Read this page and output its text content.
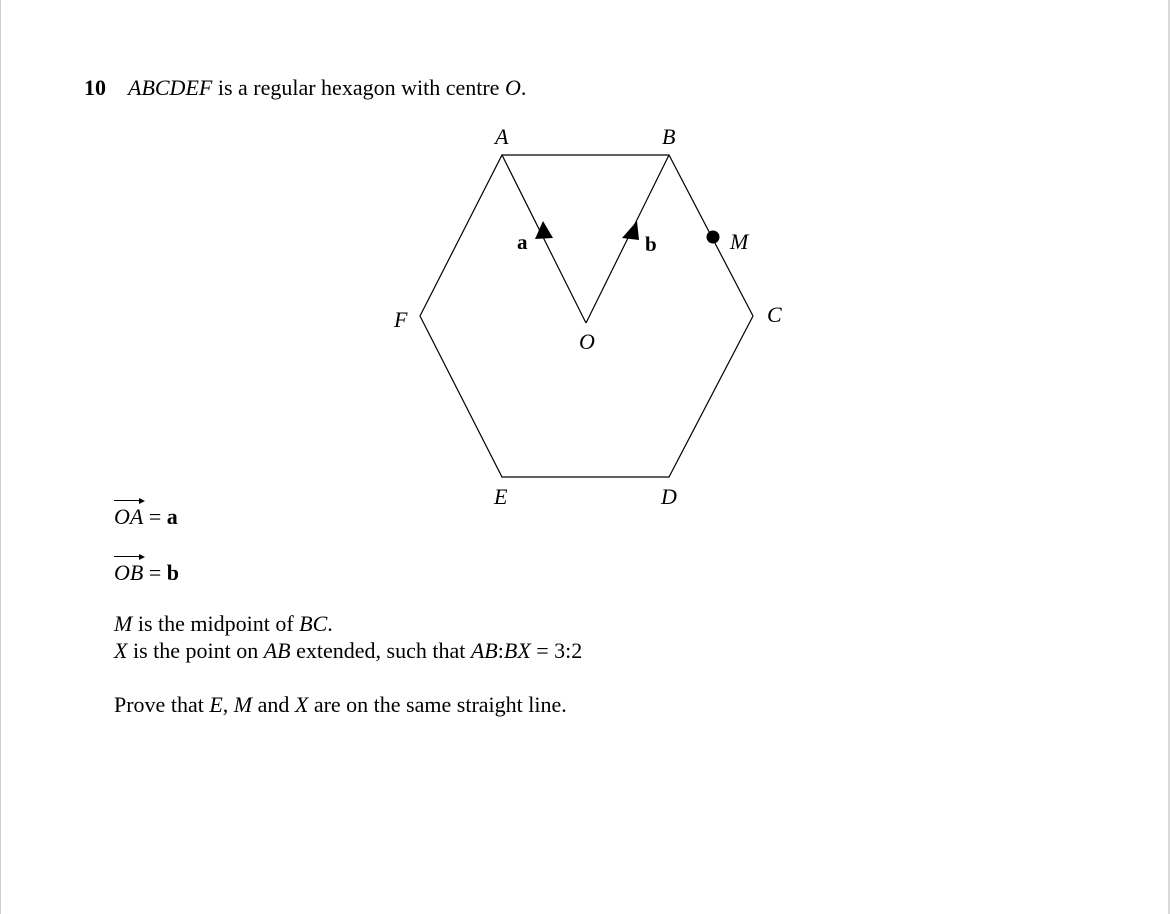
10 ABCDEF is a regular hexagon with centre O.
A	B
C
D
E
F
O
M
a	b
OA = a
OB = b
M is the midpoint of BC.
X is the point on AB extended, such that AB:BX = 3:2
Prove that E, M and X are on the same straight line.
